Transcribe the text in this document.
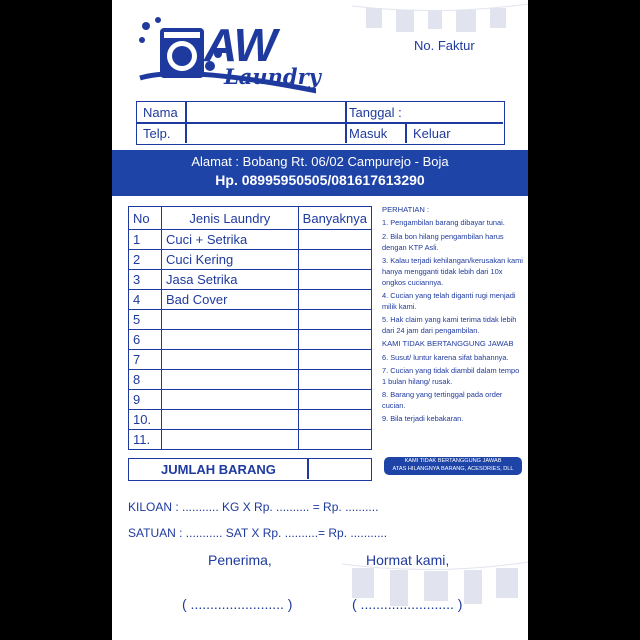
AW
Laundry
No. Faktur
Nama
Telp.
Tanggal :
Masuk Keluar
Alamat : Bobang Rt. 06/02 Campurejo - Boja
Hp. 08995950505/081617613290
No	Jenis Laundry	Banyaknya
1	Cuci + Setrika	
2	Cuci Kering	
3	Jasa Setrika	
4	Bad Cover	
5		
6		
7		
8		
9		
10.		
11.		
JUMLAH BARANG
PERHATIAN :
1. Pengambilan barang dibayar tunai.
2. Bila bon hilang pengambilan harus dengan KTP Asli.
3. Kalau terjadi kehilangan/kerusakan kami hanya mengganti tidak lebih dari 10x ongkos cuciannya.
4. Cucian yang telah diganti rugi menjadi milik kami.
5. Hak claim yang kami terima tidak lebih dari 24 jam dari pengambilan.
KAMI TIDAK BERTANGGUNG JAWAB
6. Susut/ luntur karena sifat bahannya.
7. Cucian yang tidak diambil dalam tempo 1 bulan hilang/ rusak.
8. Barang yang tertinggal pada order cucian.
9. Bila terjadi kebakaran.
KAMI TIDAK BERTANGGUNG JAWAB
ATAS HILANGNYA BARANG, ACESORIES, DLL
KILOAN : ........... KG X Rp. .......... = Rp. ..........
SATUAN : ........... SAT X Rp. ..........= Rp. ...........
Penerima,	Hormat kami,
( ........................ )	( ........................ )
